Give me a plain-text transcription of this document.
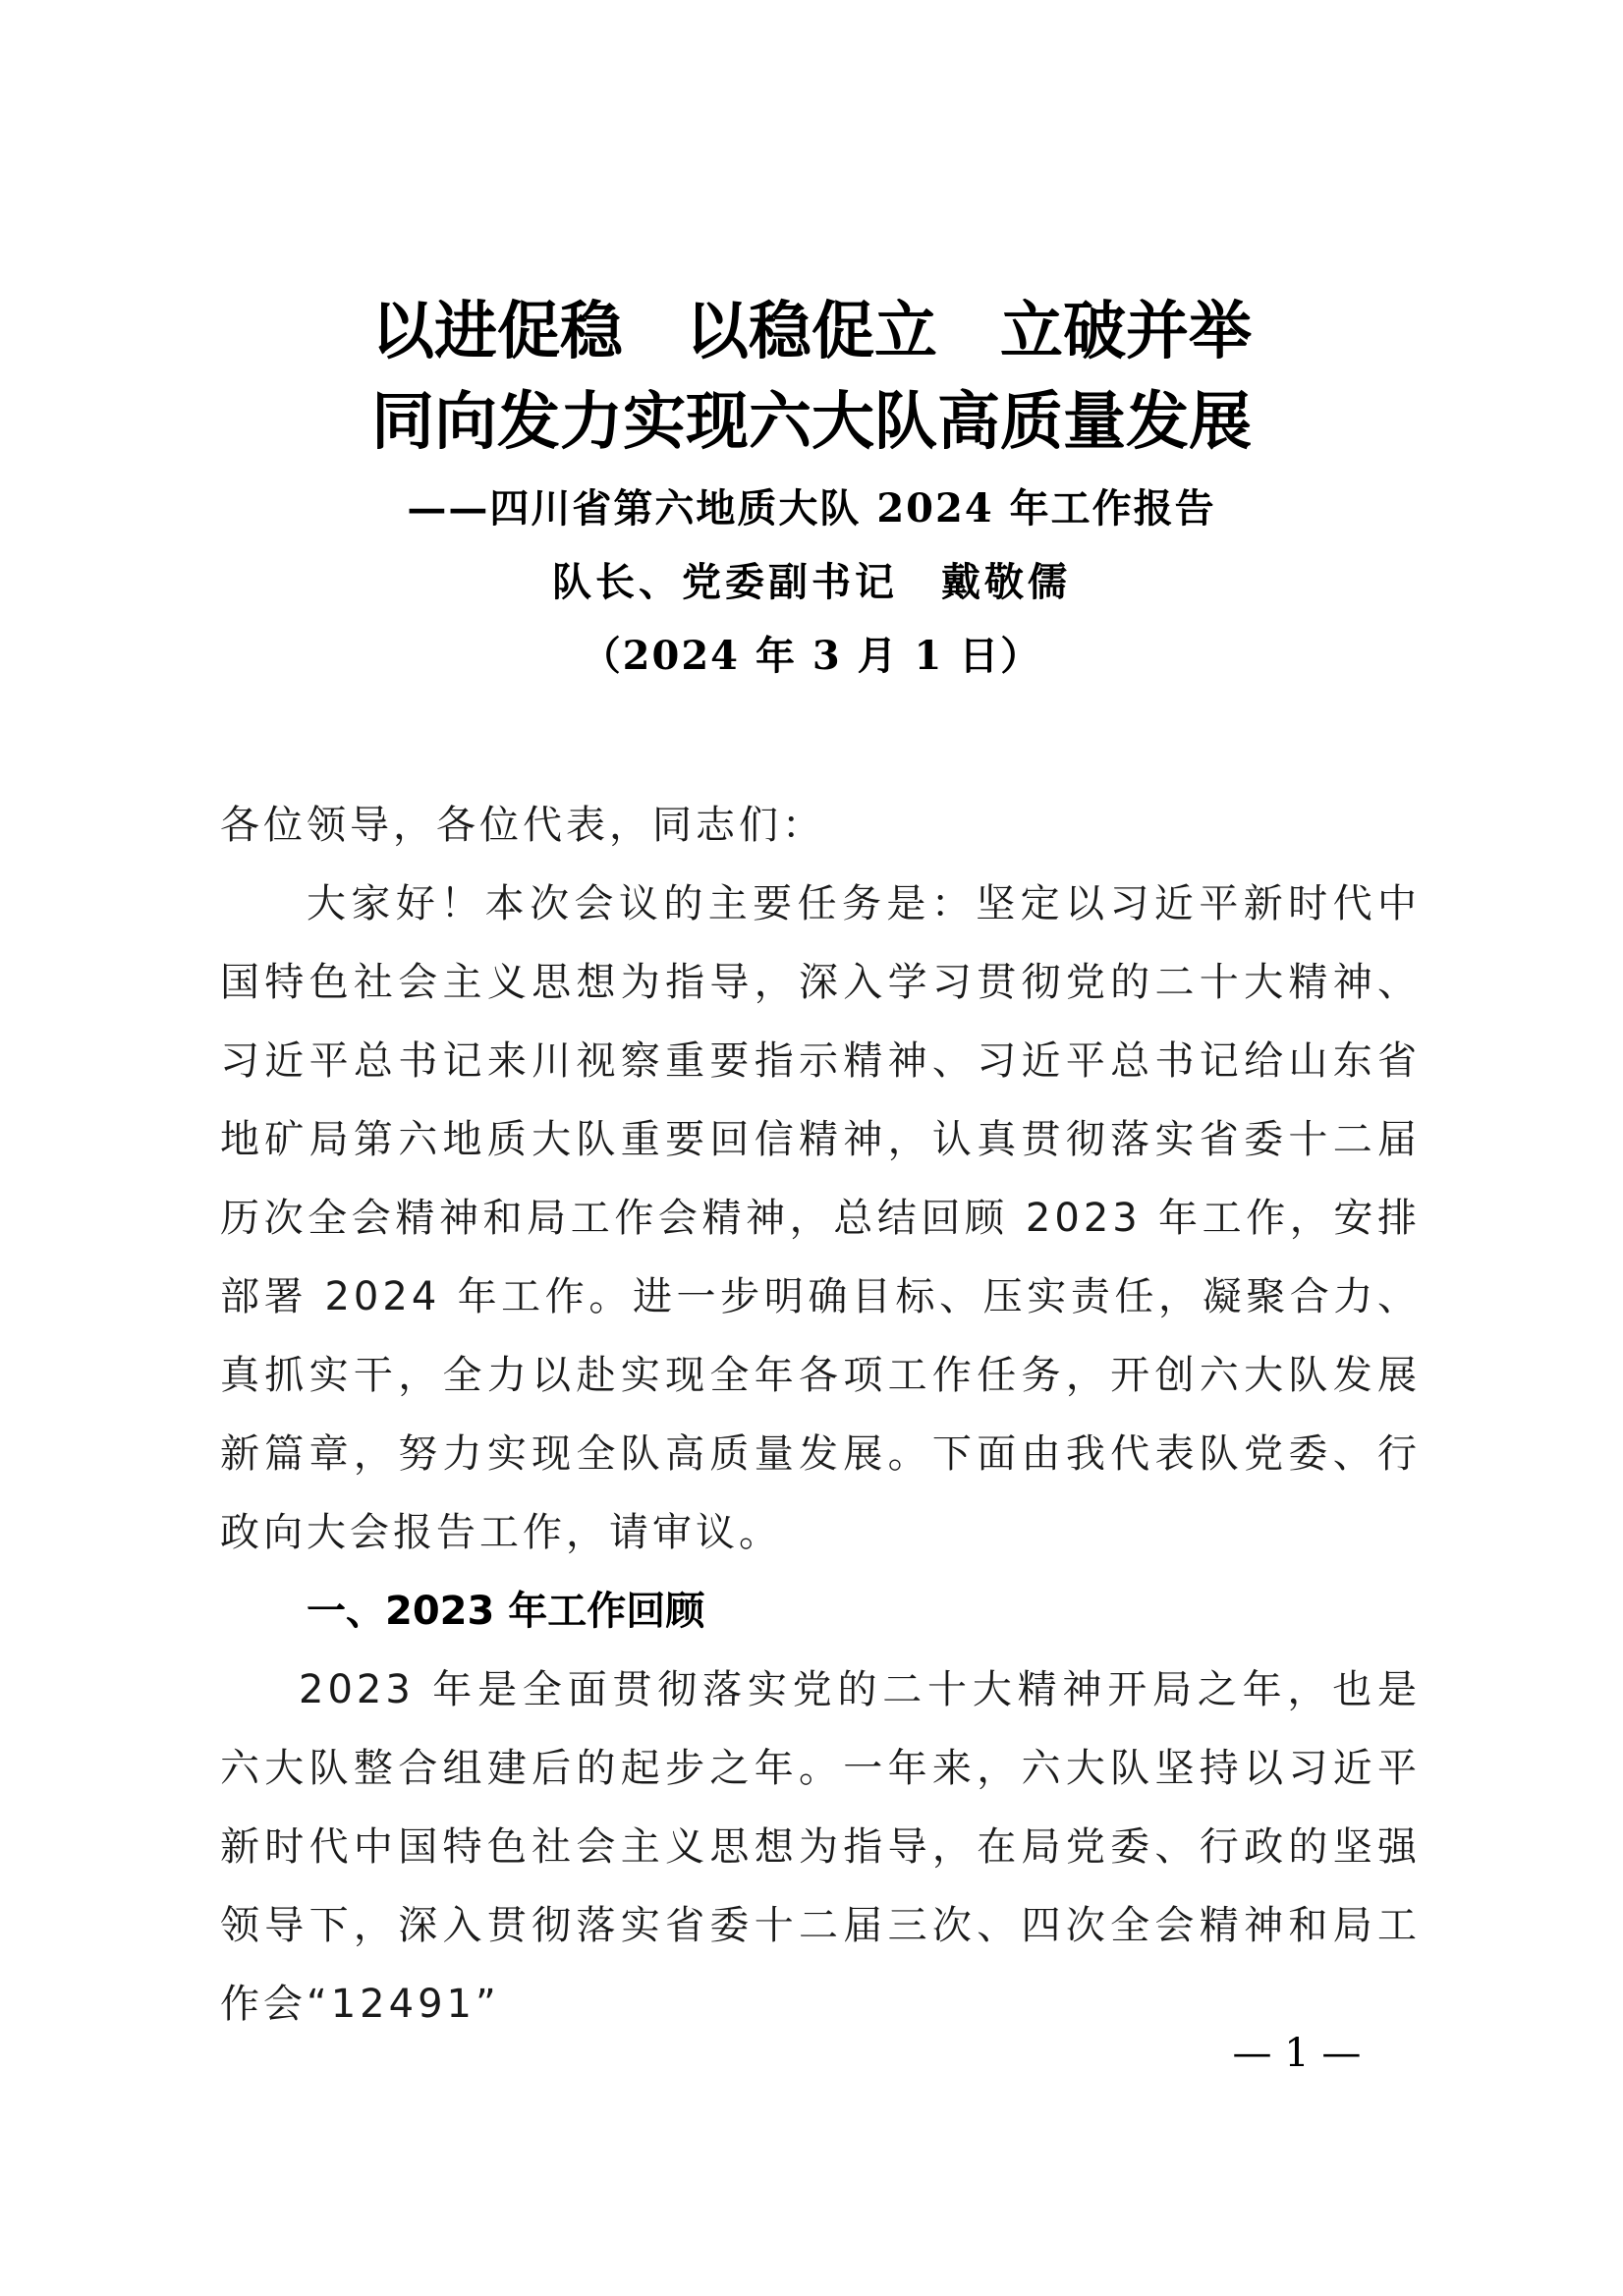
以进促稳　以稳促立　立破并举
同向发力实现六大队高质量发展
——四川省第六地质大队 2024 年工作报告
队长、党委副书记　戴敬儒
（2024 年 3 月 1 日）
各位领导，各位代表，同志们：
大家好！本次会议的主要任务是：坚定以习近平新时代中国特色社会主义思想为指导，深入学习贯彻党的二十大精神、习近平总书记来川视察重要指示精神、习近平总书记给山东省地矿局第六地质大队重要回信精神，认真贯彻落实省委十二届历次全会精神和局工作会精神，总结回顾 2023 年工作，安排部署 2024 年工作。进一步明确目标、压实责任，凝聚合力、真抓实干，全力以赴实现全年各项工作任务，开创六大队发展新篇章，努力实现全队高质量发展。下面由我代表队党委、行政向大会报告工作，请审议。
一、2023 年工作回顾
2023 年是全面贯彻落实党的二十大精神开局之年，也是六大队整合组建后的起步之年。一年来，六大队坚持以习近平新时代中国特色社会主义思想为指导，在局党委、行政的坚强领导下，深入贯彻落实省委十二届三次、四次全会精神和局工作会“12491”
— 1 —
